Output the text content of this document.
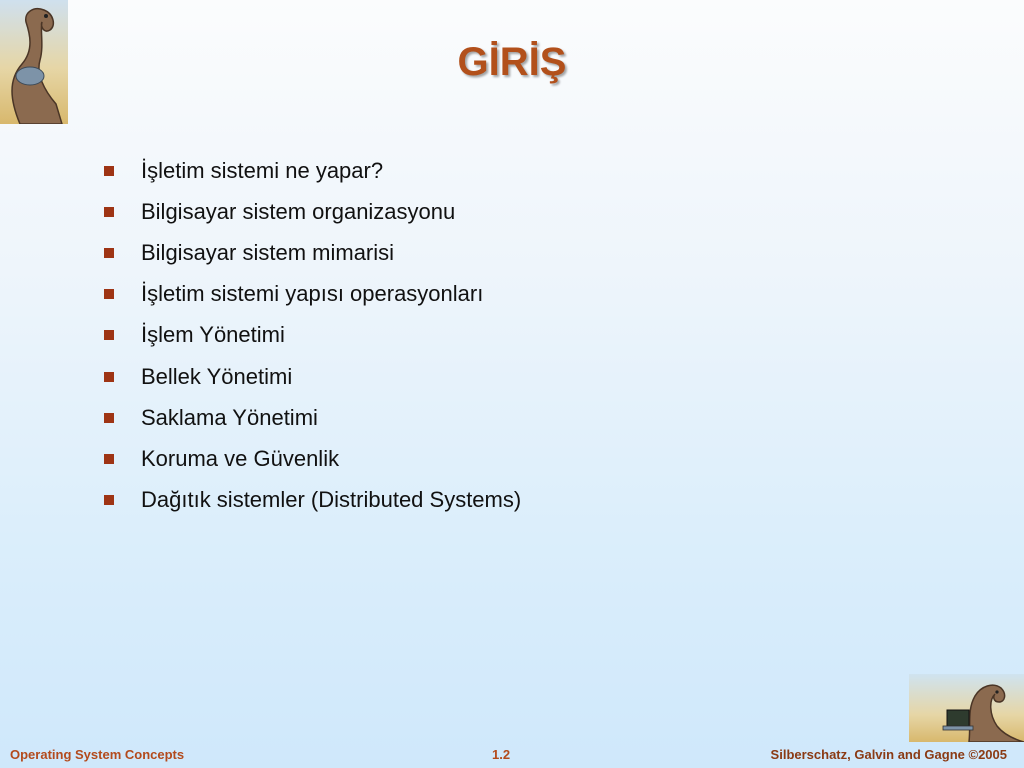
GİRİŞ
İşletim sistemi ne yapar?
Bilgisayar sistem organizasyonu
Bilgisayar sistem mimarisi
İşletim sistemi yapısı operasyonları
İşlem Yönetimi
Bellek Yönetimi
Saklama Yönetimi
Koruma ve Güvenlik
Dağıtık sistemler (Distributed Systems)
Operating System Concepts	1.2	Silberschatz, Galvin and Gagne ©2005
